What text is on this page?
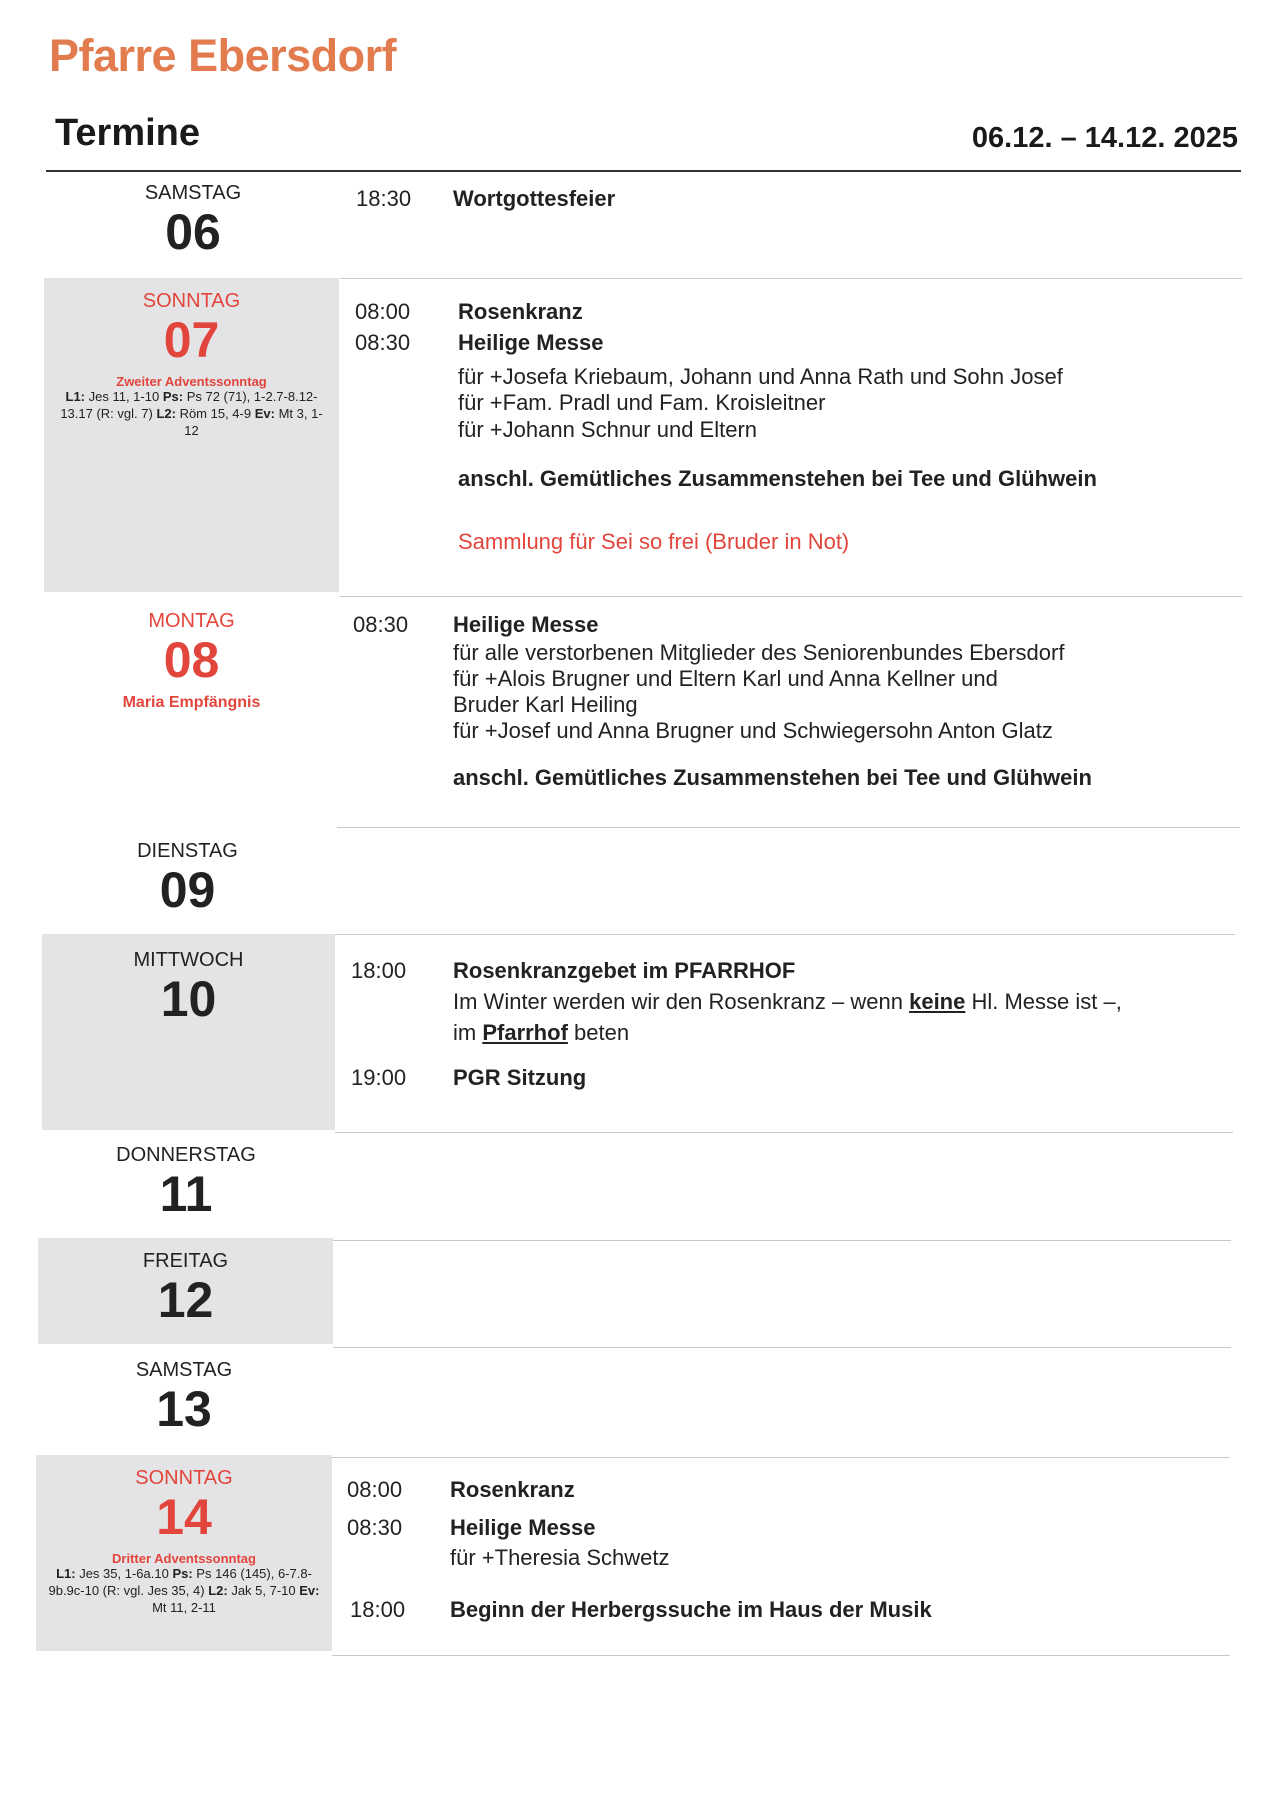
Pfarre Ebersdorf
Termine	06.12. – 14.12. 2025
SAMSTAG
06
18:30 Wortgottesfeier
SONNTAG
07
Zweiter Adventssonntag
L1: Jes 11, 1-10 Ps: Ps 72 (71), 1-2.7-8.12-13.17 (R: vgl. 7) L2: Röm 15, 4-9 Ev: Mt 3, 1-12
08:00 Rosenkranz
08:30 Heilige Messe
für +Josefa Kriebaum, Johann und Anna Rath und Sohn Josef
für +Fam. Pradl und Fam. Kroisleitner
für +Johann Schnur und Eltern
anschl. Gemütliches Zusammenstehen bei Tee und Glühwein
Sammlung für Sei so frei (Bruder in Not)
MONTAG
08
Maria Empfängnis
08:30 Heilige Messe
für alle verstorbenen Mitglieder des Seniorenbundes Ebersdorf
für +Alois Brugner und Eltern Karl und Anna Kellner und
Bruder Karl Heiling
für +Josef und Anna Brugner und Schwiegersohn Anton Glatz
anschl. Gemütliches Zusammenstehen bei Tee und Glühwein
DIENSTAG
09
MITTWOCH
10
18:00 Rosenkranzgebet im PFARRHOF
Im Winter werden wir den Rosenkranz – wenn keine Hl. Messe ist –,
im Pfarrhof beten
19:00 PGR Sitzung
DONNERSTAG
11
FREITAG
12
SAMSTAG
13
SONNTAG
14
Dritter Adventssonntag
L1: Jes 35, 1-6a.10 Ps: Ps 146 (145), 6-7.8-9b.9c-10 (R: vgl. Jes 35, 4) L2: Jak 5, 7-10 Ev: Mt 11, 2-11
08:00 Rosenkranz
08:30 Heilige Messe
für +Theresia Schwetz
18:00 Beginn der Herbergssuche im Haus der Musik
